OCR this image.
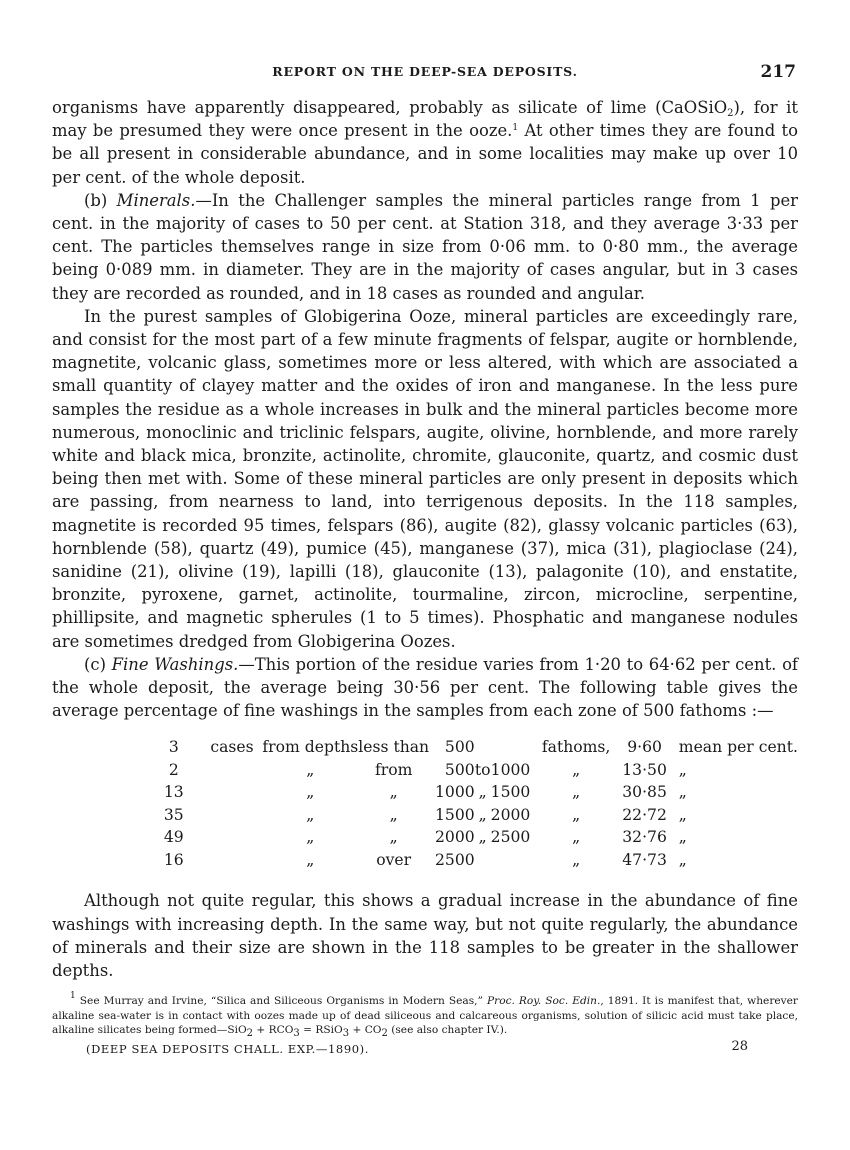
REPORT ON THE DEEP-SEA DEPOSITS.	217

organisms have apparently disappeared, probably as silicate of lime (CaOSiO2), for it may be presumed they were once present in the ooze.$^1$ At other times they are found to be all present in considerable abundance, and in some localities may make up over 10 per cent. of the whole deposit.

(b) Minerals.—In the Challenger samples the mineral particles range from 1 per cent. in the majority of cases to 50 per cent. at Station 318, and they average 3·33 per cent. The particles themselves range in size from 0·06 mm. to 0·80 mm., the average being 0·089 mm. in diameter. They are in the majority of cases angular, but in 3 cases they are recorded as rounded, and in 18 cases as rounded and angular.

In the purest samples of Globigerina Ooze, mineral particles are exceedingly rare, and consist for the most part of a few minute fragments of felspar, augite or hornblende, magnetite, volcanic glass, sometimes more or less altered, with which are associated a small quantity of clayey matter and the oxides of iron and manganese. In the less pure samples the residue as a whole increases in bulk and the mineral particles become more numerous, monoclinic and triclinic felspars, augite, olivine, hornblende, and more rarely white and black mica, bronzite, actinolite, chromite, glauconite, quartz, and cosmic dust being then met with. Some of these mineral particles are only present in deposits which are passing, from nearness to land, into terrigenous deposits. In the 118 samples, magnetite is recorded 95 times, felspars (86), augite (82), glassy volcanic particles (63), hornblende (58), quartz (49), pumice (45), manganese (37), mica (31), plagioclase (24), sanidine (21), olivine (19), lapilli (18), glauconite (13), palagonite (10), and enstatite, bronzite, pyroxene, garnet, actinolite, tourmaline, zircon, microcline, serpentine, phillipsite, and magnetic spherules (1 to 5 times). Phosphatic and manganese nodules are sometimes dredged from Globigerina Oozes.

(c) Fine Washings.—This portion of the residue varies from 1·20 to 64·62 per cent. of the whole deposit, the average being 30·56 per cent. The following table gives the average percentage of fine washings in the samples from each zone of 500 fathoms :—

3	cases	from depths	less than	500			fathoms,	9·60	mean per cent.
2		„	from	500	to	1000	„	13·50	„
13		„	„	1000	„	1500	„	30·85	„
35		„	„	1500	„	2000	„	22·72	„
49		„	„	2000	„	2500	„	32·76	„
16		„	over	2500			„	47·73	„
Although not quite regular, this shows a gradual increase in the abundance of fine washings with increasing depth. In the same way, but not quite regularly, the abundance of minerals and their size are shown in the 118 samples to be greater in the shallower depths.
$^1$ See Murray and Irvine, “Silica and Siliceous Organisms in Modern Seas,” Proc. Roy. Soc. Edin., 1891. It is manifest that, wherever alkaline sea-water is in contact with oozes made up of dead siliceous and calcareous organisms, solution of silicic acid must take place, alkaline silicates being formed—SiO2 + RCO3 = RSiO3 + CO2 (see also chapter IV.).
(DEEP SEA DEPOSITS CHALL. EXP.—1890).	28
